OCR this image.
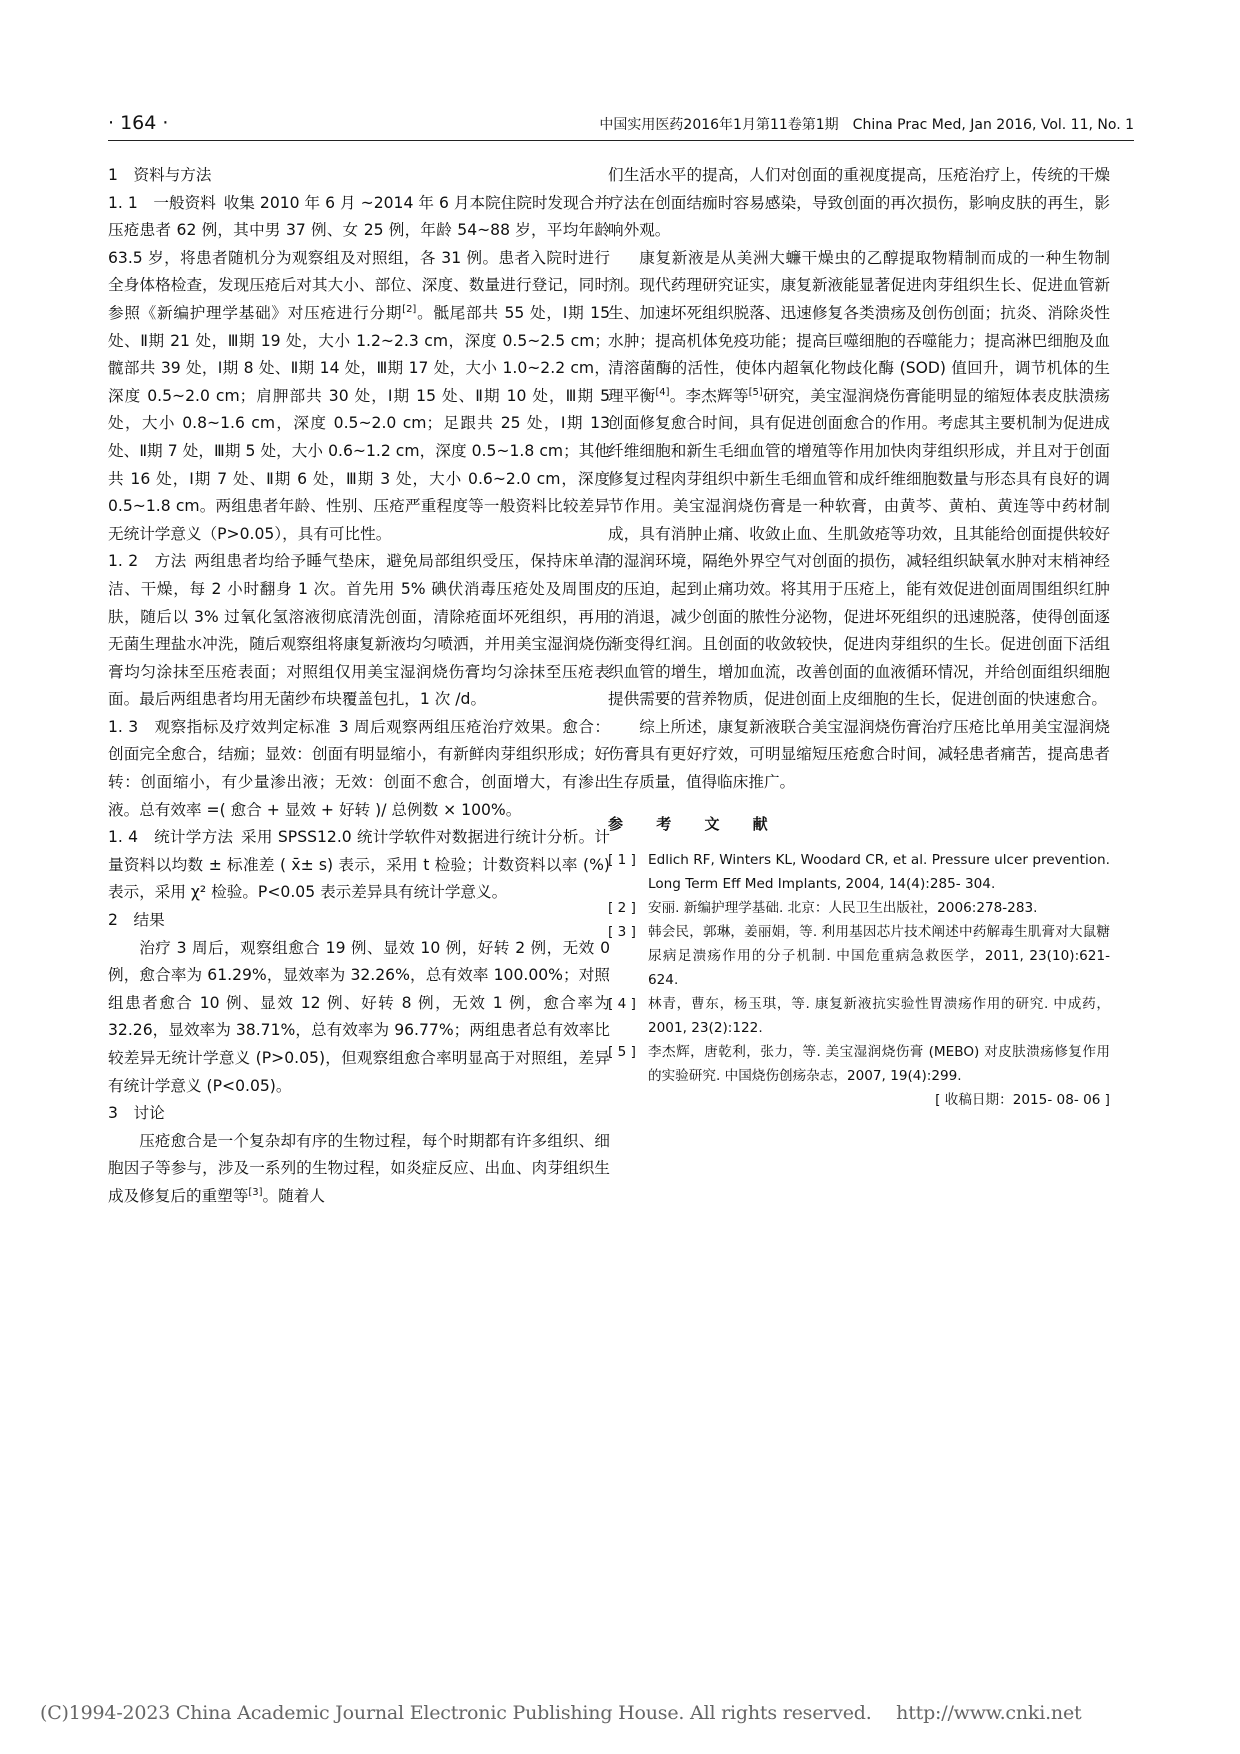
· 164 ·	中国实用医药2016年1月第11卷第1期　China Prac Med, Jan 2016, Vol. 11, No. 1
1　资料与方法

1. 1　一般资料 收集 2010 年 6 月 ~2014 年 6 月本院住院时发现合并压疮患者 62 例，其中男 37 例、女 25 例，年龄 54~88 岁，平均年龄 63.5 岁，将患者随机分为观察组及对照组，各 31 例。患者入院时进行全身体格检查，发现压疮后对其大小、部位、深度、数量进行登记，同时参照《新编护理学基础》对压疮进行分期[2]。骶尾部共 55 处，Ⅰ期 15 处、Ⅱ期 21 处，Ⅲ期 19 处，大小 1.2~2.3 cm，深度 0.5~2.5 cm；髋部共 39 处，Ⅰ期 8 处、Ⅱ期 14 处，Ⅲ期 17 处，大小 1.0~2.2 cm，深度 0.5~2.0 cm；肩胛部共 30 处，Ⅰ期 15 处、Ⅱ期 10 处，Ⅲ期 5 处，大小 0.8~1.6 cm，深度 0.5~2.0 cm；足跟共 25 处，Ⅰ期 13 处、Ⅱ期 7 处，Ⅲ期 5 处，大小 0.6~1.2 cm，深度 0.5~1.8 cm；其他共 16 处，Ⅰ期 7 处、Ⅱ期 6 处，Ⅲ期 3 处，大小 0.6~2.0 cm，深度 0.5~1.8 cm。两组患者年龄、性别、压疮严重程度等一般资料比较差异无统计学意义（P>0.05），具有可比性。

1. 2　方法 两组患者均给予睡气垫床，避免局部组织受压，保持床单清洁、干燥，每 2 小时翻身 1 次。首先用 5% 碘伏消毒压疮处及周围皮肤，随后以 3% 过氧化氢溶液彻底清洗创面，清除疮面坏死组织，再用无菌生理盐水冲洗，随后观察组将康复新液均匀喷洒，并用美宝湿润烧伤膏均匀涂抹至压疮表面；对照组仅用美宝湿润烧伤膏均匀涂抹至压疮表面。最后两组患者均用无菌纱布块覆盖包扎，1 次 /d。

1. 3　观察指标及疗效判定标准 3 周后观察两组压疮治疗效果。愈合：创面完全愈合，结痂；显效：创面有明显缩小，有新鲜肉芽组织形成；好转：创面缩小，有少量渗出液；无效：创面不愈合，创面增大，有渗出液。总有效率 =( 愈合 + 显效 + 好转 )/ 总例数 × 100%。

1. 4　统计学方法 采用 SPSS12.0 统计学软件对数据进行统计分析。计量资料以均数 ± 标准差 ( x̄± s) 表示，采用 t 检验；计数资料以率 (%) 表示，采用 χ² 检验。P<0.05 表示差异具有统计学意义。

2　结果

治疗 3 周后，观察组愈合 19 例、显效 10 例，好转 2 例，无效 0 例，愈合率为 61.29%，显效率为 32.26%，总有效率 100.00%；对照组患者愈合 10 例、显效 12 例、好转 8 例，无效 1 例，愈合率为 32.26，显效率为 38.71%，总有效率为 96.77%；两组患者总有效率比较差异无统计学意义 (P>0.05)，但观察组愈合率明显高于对照组，差异有统计学意义 (P<0.05)。

3　讨论

压疮愈合是一个复杂却有序的生物过程，每个时期都有许多组织、细胞因子等参与，涉及一系列的生物过程，如炎症反应、出血、肉芽组织生成及修复后的重塑等[3]。随着人

们生活水平的提高，人们对创面的重视度提高，压疮治疗上，传统的干燥疗法在创面结痂时容易感染，导致创面的再次损伤，影响皮肤的再生，影响外观。

康复新液是从美洲大蠊干燥虫的乙醇提取物精制而成的一种生物制剂。现代药理研究证实，康复新液能显著促进肉芽组织生长、促进血管新生、加速坏死组织脱落、迅速修复各类溃疡及创伤创面；抗炎、消除炎性水肿；提高机体免疫功能；提高巨噬细胞的吞噬能力；提高淋巴细胞及血清溶菌酶的活性，使体内超氧化物歧化酶 (SOD) 值回升，调节机体的生理平衡[4]。李杰辉等[5]研究，美宝湿润烧伤膏能明显的缩短体表皮肤溃疡创面修复愈合时间，具有促进创面愈合的作用。考虑其主要机制为促进成纤维细胞和新生毛细血管的增殖等作用加快肉芽组织形成，并且对于创面修复过程肉芽组织中新生毛细血管和成纤维细胞数量与形态具有良好的调节作用。美宝湿润烧伤膏是一种软膏，由黄芩、黄柏、黄连等中药材制成，具有消肿止痛、收敛止血、生肌敛疮等功效，且其能给创面提供较好的湿润环境，隔绝外界空气对创面的损伤，减轻组织缺氧水肿对末梢神经的压迫，起到止痛功效。将其用于压疮上，能有效促进创面周围组织红肿的消退，减少创面的脓性分泌物，促进坏死组织的迅速脱落，使得创面逐渐变得红润。且创面的收敛较快，促进肉芽组织的生长。促进创面下活组织血管的增生，增加血流，改善创面的血液循环情况，并给创面组织细胞提供需要的营养物质，促进创面上皮细胞的生长，促进创面的快速愈合。

综上所述，康复新液联合美宝湿润烧伤膏治疗压疮比单用美宝湿润烧伤膏具有更好疗效，可明显缩短压疮愈合时间，减轻患者痛苦，提高患者生存质量，值得临床推广。

参 考 文 献

[ 1 ] Edlich RF, Winters KL, Woodard CR, et al. Pressure ulcer prevention. Long Term Eff Med Implants, 2004, 14(4):285- 304.
[ 2 ] 安丽. 新编护理学基础. 北京：人民卫生出版社，2006:278-283.
[ 3 ] 韩会民，郭琳，姜丽娟，等. 利用基因芯片技术阐述中药解毒生肌膏对大鼠糖尿病足溃疡作用的分子机制. 中国危重病急救医学，2011, 23(10):621- 624.
[ 4 ] 林青，曹东，杨玉琪，等. 康复新液抗实验性胃溃疡作用的研究. 中成药，2001, 23(2):122.
[ 5 ] 李杰辉，唐乾利，张力，等. 美宝湿润烧伤膏 (MEBO) 对皮肤溃疡修复作用的实验研究. 中国烧伤创疡杂志，2007, 19(4):299.
[ 收稿日期：2015- 08- 06 ]
(C)1994-2023 China Academic Journal Electronic Publishing House. All rights reserved.　 http://www.cnki.net
